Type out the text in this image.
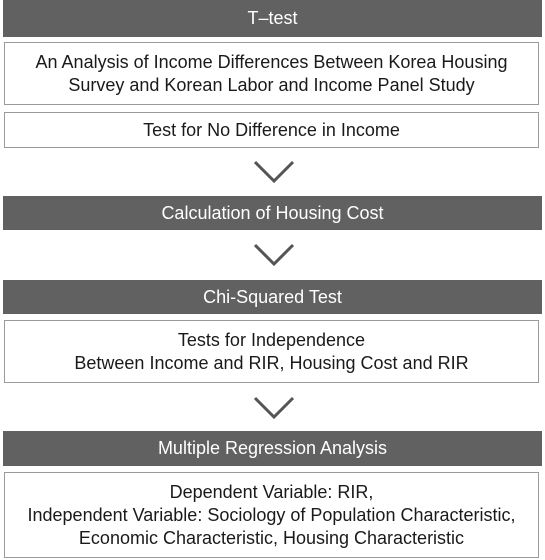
T–test
An Analysis of Income Differences Between Korea Housing
Survey and Korean Labor and Income Panel Study
Test for No Difference in Income
Calculation of Housing Cost
Chi-Squared Test
Tests for Independence
Between Income and RIR, Housing Cost and RIR
Multiple Regression Analysis
Dependent Variable: RIR,
Independent Variable: Sociology of Population Characteristic,
Economic Characteristic, Housing Characteristic
